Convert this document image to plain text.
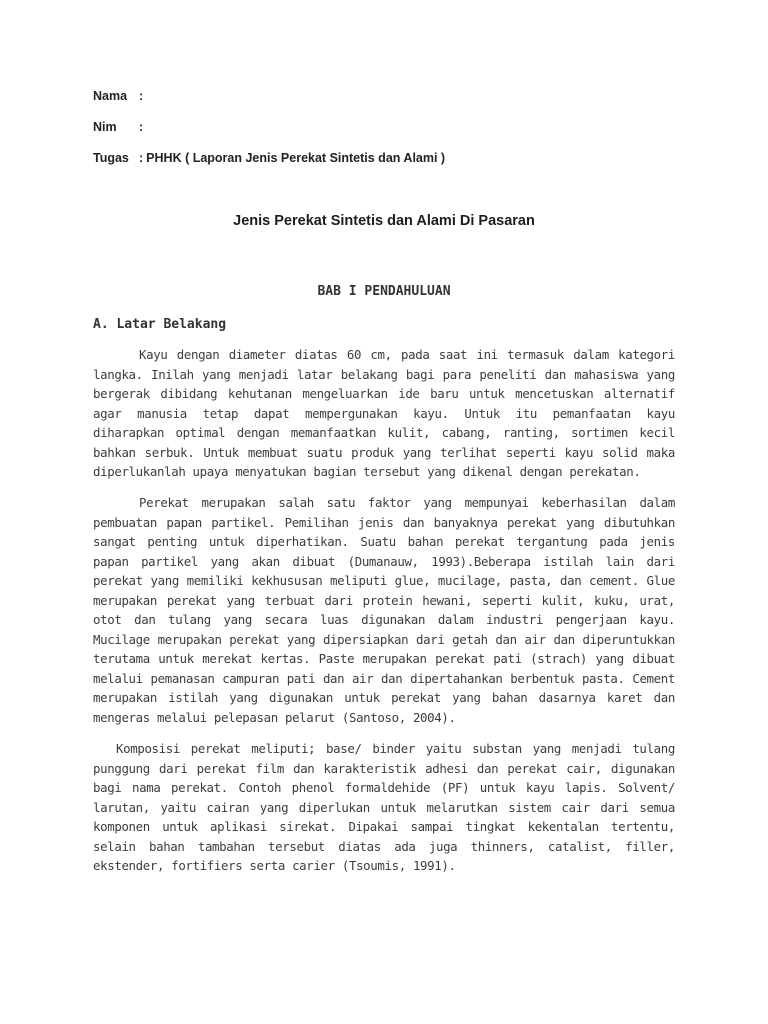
Nama :
Nim :
Tugas : PHHK ( Laporan Jenis Perekat Sintetis dan Alami )
Jenis Perekat Sintetis dan Alami Di Pasaran
BAB I PENDAHULUAN
A. Latar Belakang

Kayu dengan diameter diatas 60 cm, pada saat ini termasuk dalam kategori langka. Inilah yang menjadi latar belakang bagi para peneliti dan mahasiswa yang bergerak dibidang kehutanan mengeluarkan ide baru untuk mencetuskan alternatif agar manusia tetap dapat mempergunakan kayu. Untuk itu pemanfaatan kayu diharapkan optimal dengan memanfaatkan kulit, cabang, ranting, sortimen kecil bahkan serbuk. Untuk membuat suatu produk yang terlihat seperti kayu solid maka diperlukanlah upaya menyatukan bagian tersebut yang dikenal dengan perekatan.

Perekat merupakan salah satu faktor yang mempunyai keberhasilan dalam pembuatan papan partikel. Pemilihan jenis dan banyaknya perekat yang dibutuhkan sangat penting untuk diperhatikan. Suatu bahan perekat tergantung pada jenis papan partikel yang akan dibuat (Dumanauw, 1993).Beberapa istilah lain dari perekat yang memiliki kekhususan meliputi glue, mucilage, pasta, dan cement. Glue merupakan perekat yang terbuat dari protein hewani, seperti kulit, kuku, urat, otot dan tulang yang secara luas digunakan dalam industri pengerjaan kayu. Mucilage merupakan perekat yang dipersiapkan dari getah dan air dan diperuntukkan terutama untuk merekat kertas. Paste merupakan perekat pati (strach) yang dibuat melalui pemanasan campuran pati dan air dan dipertahankan berbentuk pasta. Cement merupakan istilah yang digunakan untuk perekat yang bahan dasarnya karet dan mengeras melalui pelepasan pelarut (Santoso, 2004).

Komposisi perekat meliputi; base/ binder yaitu substan yang menjadi tulang punggung dari perekat film dan karakteristik adhesi dan perekat cair, digunakan bagi nama perekat. Contoh phenol formaldehide (PF) untuk kayu lapis. Solvent/ larutan, yaitu cairan yang diperlukan untuk melarutkan sistem cair dari semua komponen untuk aplikasi sirekat. Dipakai sampai tingkat kekentalan tertentu, selain bahan tambahan tersebut diatas ada juga thinners, catalist, filler, ekstender, fortifiers serta carier (Tsoumis, 1991).
